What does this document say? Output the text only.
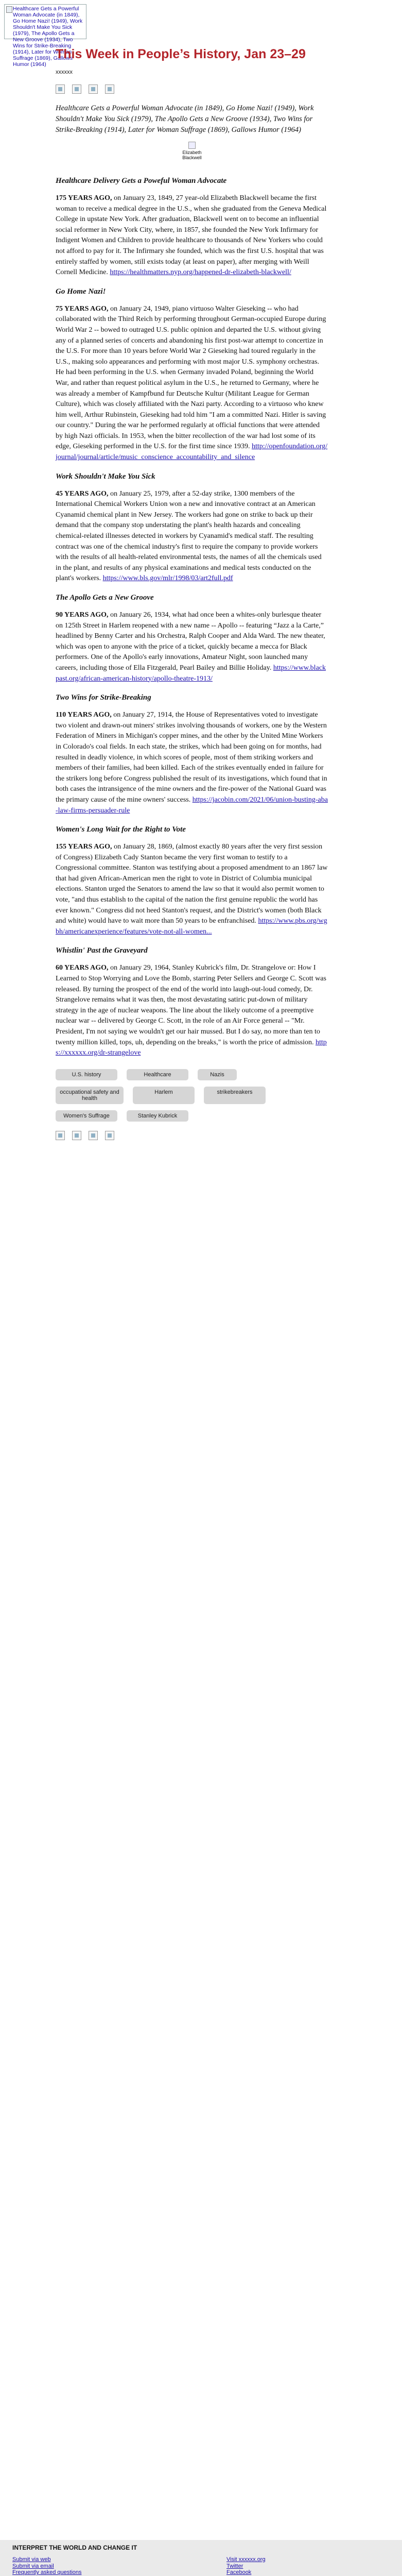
Healthcare Gets a Powerful Woman Advocate (in 1849), Go Home Nazi! (1949), Work Shouldn't Make You Sick (1979), The Apollo Gets a New Groove (1934), Two Wins for Strike-Breaking (1914), Later for Woman Suffrage (1869), Gallows Humor (1964)
This Week in People’s History, Jan 23–29
xxxxxx

Healthcare Gets a Powerful Woman Advocate (in 1849), Go Home Nazi! (1949), Work Shouldn't Make You Sick (1979), The Apollo Gets a New Groove (1934), Two Wins for Strike-Breaking (1914), Later for Woman Suffrage (1869), Gallows Humor (1964)

Elizabeth Blackwell
Healthcare Delivery Gets a Poweful Woman Advocate

175 YEARS AGO, on January 23, 1849, 27 year-old Elizabeth Blackwell became the first woman to receive a medical degree in the U.S., when she graduated from the Geneva Medical College in upstate New York. After graduation, Blackwell went on to become an influential social reformer in New York City, where, in 1857, she founded the New York Infirmary for Indigent Women and Children to provide healthcare to thousands of New Yorkers who could not afford to pay for it. The Infirmary she founded, which was the first U.S. hospital that was entirely staffed by women, still exists today (at least on paper), after merging with Weill Cornell Medicine. https://healthmatters.nyp.org/happened-dr-elizabeth-blackwell/

Go Home Nazi!

75 YEARS AGO, on January 24, 1949, piano virtuoso Walter Gieseking -- who had collaborated with the Third Reich by performing throughout German-occupied Europe during World War 2 -- bowed to outraged U.S. public opinion and departed the U.S. without giving any of a planned series of concerts and abandoning his first post-war attempt to concertize in the U.S. For more than 10 years before World War 2 Gieseking had toured regularly in the U.S., making solo appearances and performing with most major U.S. symphony orchestras. He had been performing in the U.S. when Germany invaded Poland, beginning the World War, and rather than request political asylum in the U.S., he returned to Germany, where he was already a member of Kampfbund fur Deutsche Kultur (Militant League for German Culture), which was closely affiliated with the Nazi party. According to a virtuoso who knew him well, Arthur Rubinstein, Gieseking had told him "I am a committed Nazi. Hitler is saving our country." During the war he performed regularly at official functions that were attended by high Nazi officials. In 1953, when the bitter recollection of the war had lost some of its edge, Gieseking performed in the U.S. for the first time since 1939. http://openfoundation.org/journal/journal/article/music_conscience_accountability_and_silence

Work Shouldn't Make You Sick

45 YEARS AGO, on January 25, 1979, after a 52-day strike, 1300 members of the International Chemical Workers Union won a new and innovative contract at an American Cyanamid chemical plant in New Jersey. The workers had gone on strike to back up their demand that the company stop understating the plant's health hazards and concealing chemical-related illnesses detected in workers by Cyanamid's medical staff. The resulting contract was one of the chemical industry's first to require the company to provide workers with the results of all health-related environmental tests, the names of all the chemicals used in the plant, and results of any physical examinations and medical tests conducted on the plant's workers. https://www.bls.gov/mlr/1998/03/art2full.pdf

The Apollo Gets a New Groove

90 YEARS AGO, on January 26, 1934, what had once been a whites-only burlesque theater on 125th Street in Harlem reopened with a new name -- Apollo -- featuring “Jazz a la Carte,” headlined by Benny Carter and his Orchestra, Ralph Cooper and Alda Ward. The new theater, which was open to anyone with the price of a ticket, quickly became a mecca for Black performers. One of the Apollo's early innovations, Amateur Night, soon launched many careers, including those of Ella Fitzgerald, Pearl Bailey and Billie Holiday. https://www.blackpast.org/african-american-history/apollo-theatre-1913/

Two Wins for Strike-Breaking

110 YEARS AGO, on January 27, 1914, the House of Representatives voted to investigate two violent and drawn-out miners' strikes involving thousands of workers, one by the Western Federation of Miners in Michigan's copper mines, and the other by the United Mine Workers in Colorado's coal fields. In each state, the strikes, which had been going on for months, had resulted in deadly violence, in which scores of people, most of them striking workers and members of their families, had been killed. Each of the strikes eventually ended in failure for the strikers long before Congress published the result of its investigations, which found that in both cases the intransigence of the mine owners and the fire-power of the National Guard was the primary cause of the mine owners' success. https://jacobin.com/2021/06/union-busting-aba-law-firms-persuader-rule

Women's Long Wait for the Right to Vote

155 YEARS AGO, on January 28, 1869, (almost exactly 80 years after the very first session of Congress) Elizabeth Cady Stanton became the very first woman to testify to a Congressional committee. Stanton was testifying about a proposed amendment to an 1867 law that had given African-American men the right to vote in District of Columbia municipal elections. Stanton urged the Senators to amend the law so that it would also permit women to vote, "and thus establish to the capital of the nation the first genuine republic the world has ever known." Congress did not heed Stanton's request, and the District's women (both Black and white) would have to wait more than 50 years to be enfranchised. https://www.pbs.org/wgbh/americanexperience/features/vote-not-all-women...

Whistlin' Past the Graveyard

60 YEARS AGO, on January 29, 1964, Stanley Kubrick's film, Dr. Strangelove or: How I Learned to Stop Worrying and Love the Bomb, starring Peter Sellers and George C. Scott was released. By turning the prospect of the end of the world into laugh-out-loud comedy, Dr. Strangelove remains what it was then, the most devastating satiric put-down of military strategy in the age of nuclear weapons. The line about the likely outcome of a preemptive nuclear war -- delivered by George C. Scott, in the role of an Air Force general -- "Mr. President, I'm not saying we wouldn't get our hair mussed. But I do say, no more than ten to twenty million killed, tops, uh, depending on the breaks," is worth the price of admission. https://xxxxxx.org/dr-strangelove

U.S. history	Healthcare	Nazis
occupational safety and health
Harlem	strikebreakers
Women's Suffrage	Stanley Kubrick
INTERPRET THE WORLD AND CHANGE IT
Submit via web
Submit via email
Frequently asked questions
Visit xxxxxx.org
Twitter
Facebook
